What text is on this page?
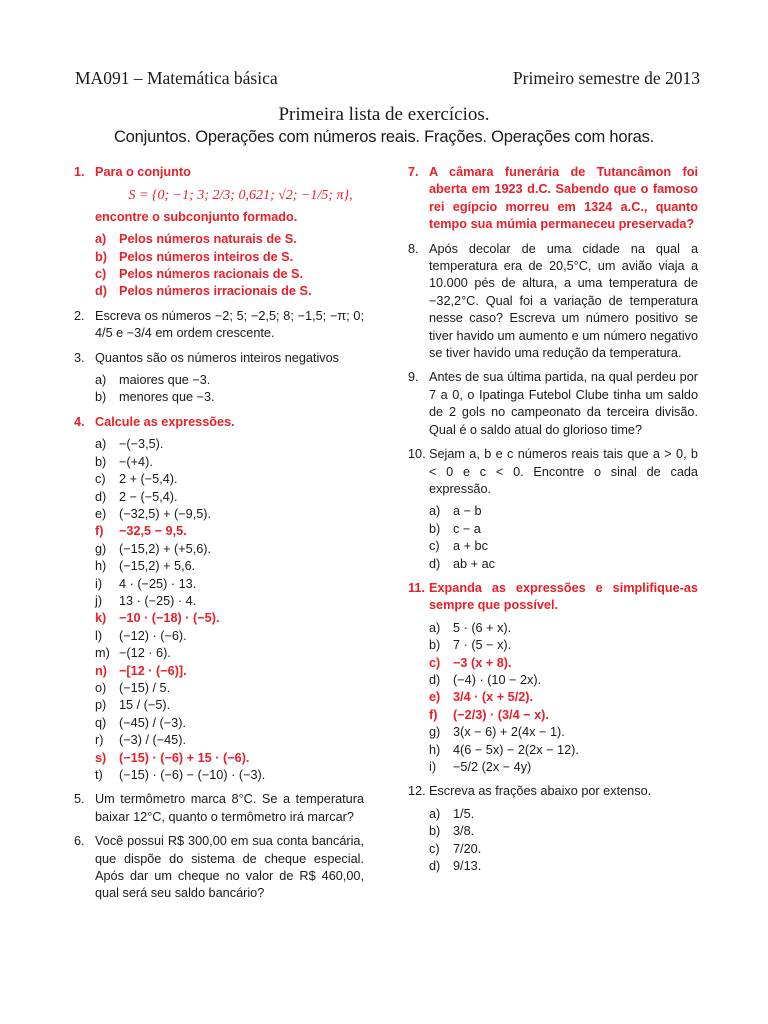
MA091 – Matemática básica	Primeiro semestre de 2013
Primeira lista de exercícios.
Conjuntos. Operações com números reais. Frações. Operações com horas.
1. Para o conjunto
S = {0; −1; 3; 2/3; 0,621; √2; −1/5; π},
encontre o subconjunto formado.
a) Pelos números naturais de S.
b) Pelos números inteiros de S.
c) Pelos números racionais de S.
d) Pelos números irracionais de S.
2. Escreva os números −2; 5; −2,5; 8; −1,5; −π; 0; 4/5 e −3/4 em ordem crescente.
3. Quantos são os números inteiros negativos
a) maiores que −3.
b) menores que −3.
4. Calcule as expressões.
a) −(−3,5).
b) −(+4).
c) 2 + (−5,4).
d) 2 − (−5,4).
e) (−32,5) + (−9,5).
f) −32,5 − 9,5.
g) (−15,2) + (+5,6).
h) (−15,2) + 5,6.
i) 4 · (−25) · 13.
j) 13 · (−25) · 4.
k) −10 · (−18) · (−5).
l) (−12) · (−6).
m) −(12 · 6).
n) −[12 · (−6)].
o) (−15) / 5.
p) 15 / (−5).
q) (−45) / (−3).
r) (−3) / (−45).
s) (−15) · (−6) + 15 · (−6).
t) (−15) · (−6) − (−10) · (−3).
5. Um termômetro marca 8°C. Se a temperatura baixar 12°C, quanto o termômetro irá marcar?
6. Você possui R$ 300,00 em sua conta bancária, que dispõe do sistema de cheque especial. Após dar um cheque no valor de R$ 460,00, qual será seu saldo bancário?
7. A câmara funerária de Tutancâmon foi aberta em 1923 d.C. Sabendo que o famoso rei egípcio morreu em 1324 a.C., quanto tempo sua múmia permaneceu preservada?
8. Após decolar de uma cidade na qual a temperatura era de 20,5°C, um avião viaja a 10.000 pés de altura, a uma temperatura de −32,2°C. Qual foi a variação de temperatura nesse caso? Escreva um número positivo se tiver havido um aumento e um número negativo se tiver havido uma redução da temperatura.
9. Antes de sua última partida, na qual perdeu por 7 a 0, o Ipatinga Futebol Clube tinha um saldo de 2 gols no campeonato da terceira divisão. Qual é o saldo atual do glorioso time?
10. Sejam a, b e c números reais tais que a > 0, b < 0 e c < 0. Encontre o sinal de cada expressão.
a) a − b
b) c − a
c) a + bc
d) ab + ac
11. Expanda as expressões e simplifique-as sempre que possível.
a) 5 · (6 + x).
b) 7 · (5 − x).
c) −3 (x + 8).
d) (−4) · (10 − 2x).
e) 3/4 · (x + 5/2).
f) (−2/3) · (3/4 − x).
g) 3(x − 6) + 2(4x − 1).
h) 4(6 − 5x) − 2(2x − 12).
i) −5/2 (2x − 4y)
12. Escreva as frações abaixo por extenso.
a) 1/5.
b) 3/8.
c) 7/20.
d) 9/13.
